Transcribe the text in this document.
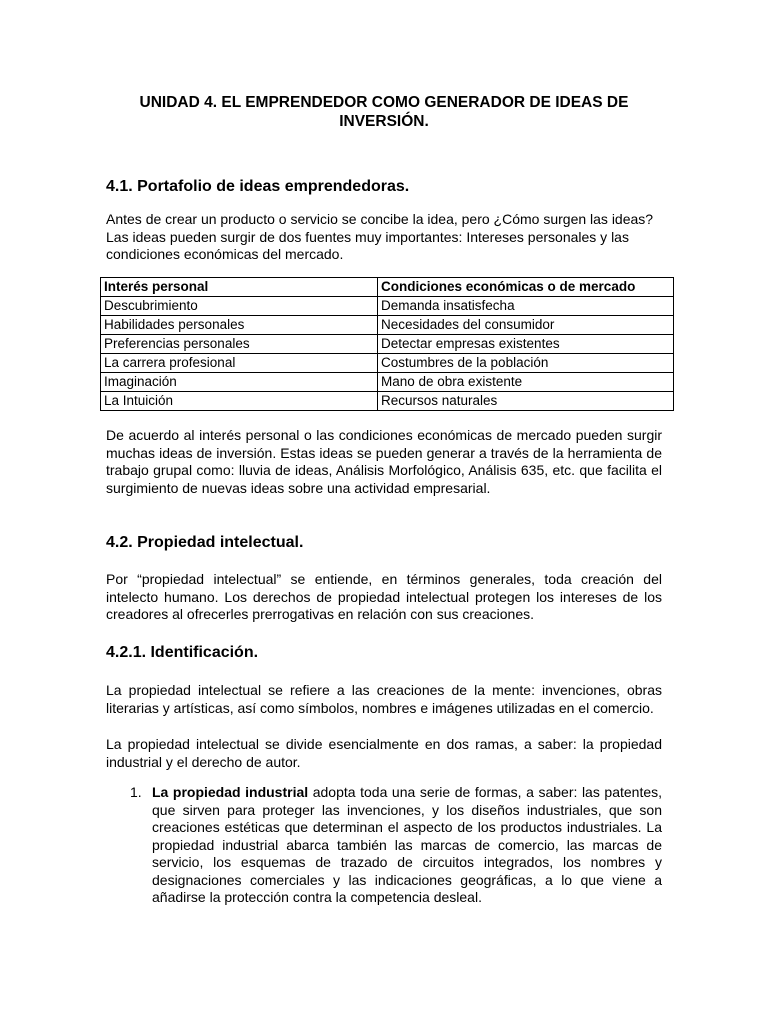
UNIDAD 4. EL EMPRENDEDOR COMO GENERADOR DE IDEAS DE INVERSIÓN.
4.1. Portafolio de ideas emprendedoras.
Antes de crear un producto o servicio se concibe la idea, pero ¿Cómo surgen las ideas? Las ideas pueden surgir de dos fuentes muy importantes: Intereses personales y las condiciones económicas del mercado.
Interés personal	Condiciones económicas o de mercado
Descubrimiento	Demanda insatisfecha
Habilidades personales	Necesidades del consumidor
Preferencias personales	Detectar empresas existentes
La carrera profesional	Costumbres de la población
Imaginación	Mano de obra existente
La Intuición	Recursos naturales
De acuerdo al interés personal o las condiciones económicas de mercado pueden surgir muchas ideas de inversión. Estas ideas se pueden generar a través de la herramienta de trabajo grupal como: lluvia de ideas, Análisis Morfológico, Análisis 635, etc. que facilita el surgimiento de nuevas ideas sobre una actividad empresarial.
4.2. Propiedad intelectual.
Por “propiedad intelectual” se entiende, en términos generales, toda creación del intelecto humano. Los derechos de propiedad intelectual protegen los intereses de los creadores al ofrecerles prerrogativas en relación con sus creaciones.
4.2.1. Identificación.
La propiedad intelectual se refiere a las creaciones de la mente: invenciones, obras literarias y artísticas, así como símbolos, nombres e imágenes utilizadas en el comercio.
La propiedad intelectual se divide esencialmente en dos ramas, a saber: la propiedad industrial y el derecho de autor.
1. La propiedad industrial adopta toda una serie de formas, a saber: las patentes, que sirven para proteger las invenciones, y los diseños industriales, que son creaciones estéticas que determinan el aspecto de los productos industriales. La propiedad industrial abarca también las marcas de comercio, las marcas de servicio, los esquemas de trazado de circuitos integrados, los nombres y designaciones comerciales y las indicaciones geográficas, a lo que viene a añadirse la protección contra la competencia desleal.
